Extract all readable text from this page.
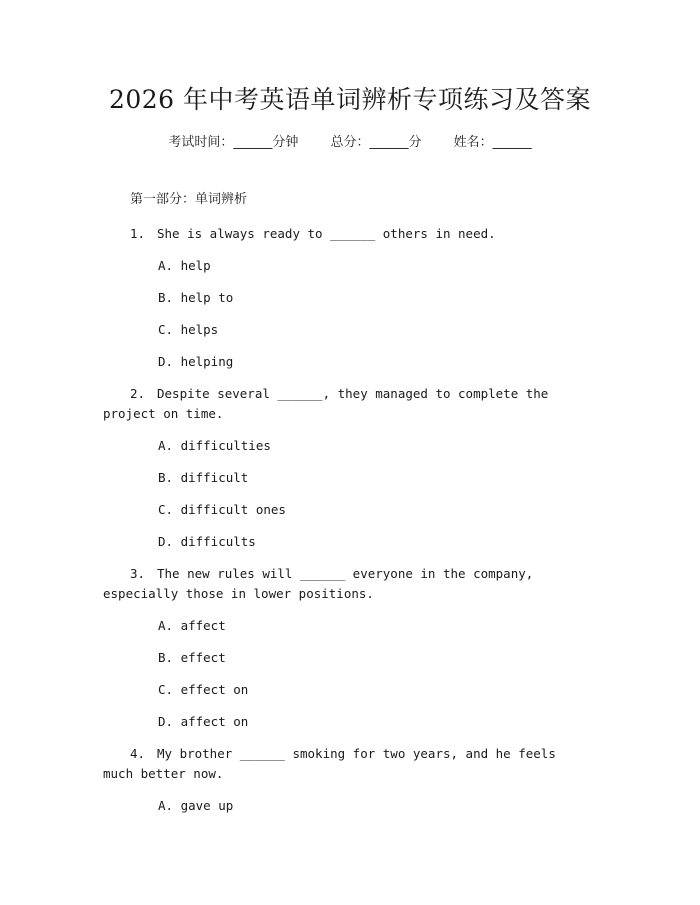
2026 年中考英语单词辨析专项练习及答案
考试时间：______分钟 总分：______分 姓名：______
第一部分：单词辨析
1. She is always ready to ______ others in need.
A. help
B. help to
C. helps
D. helping
2. Despite several ______, they managed to complete the project on time.
A. difficulties
B. difficult
C. difficult ones
D. difficults
3. The new rules will ______ everyone in the company, especially those in lower positions.
A. affect
B. effect
C. effect on
D. affect on
4. My brother ______ smoking for two years, and he feels much better now.
A. gave up
